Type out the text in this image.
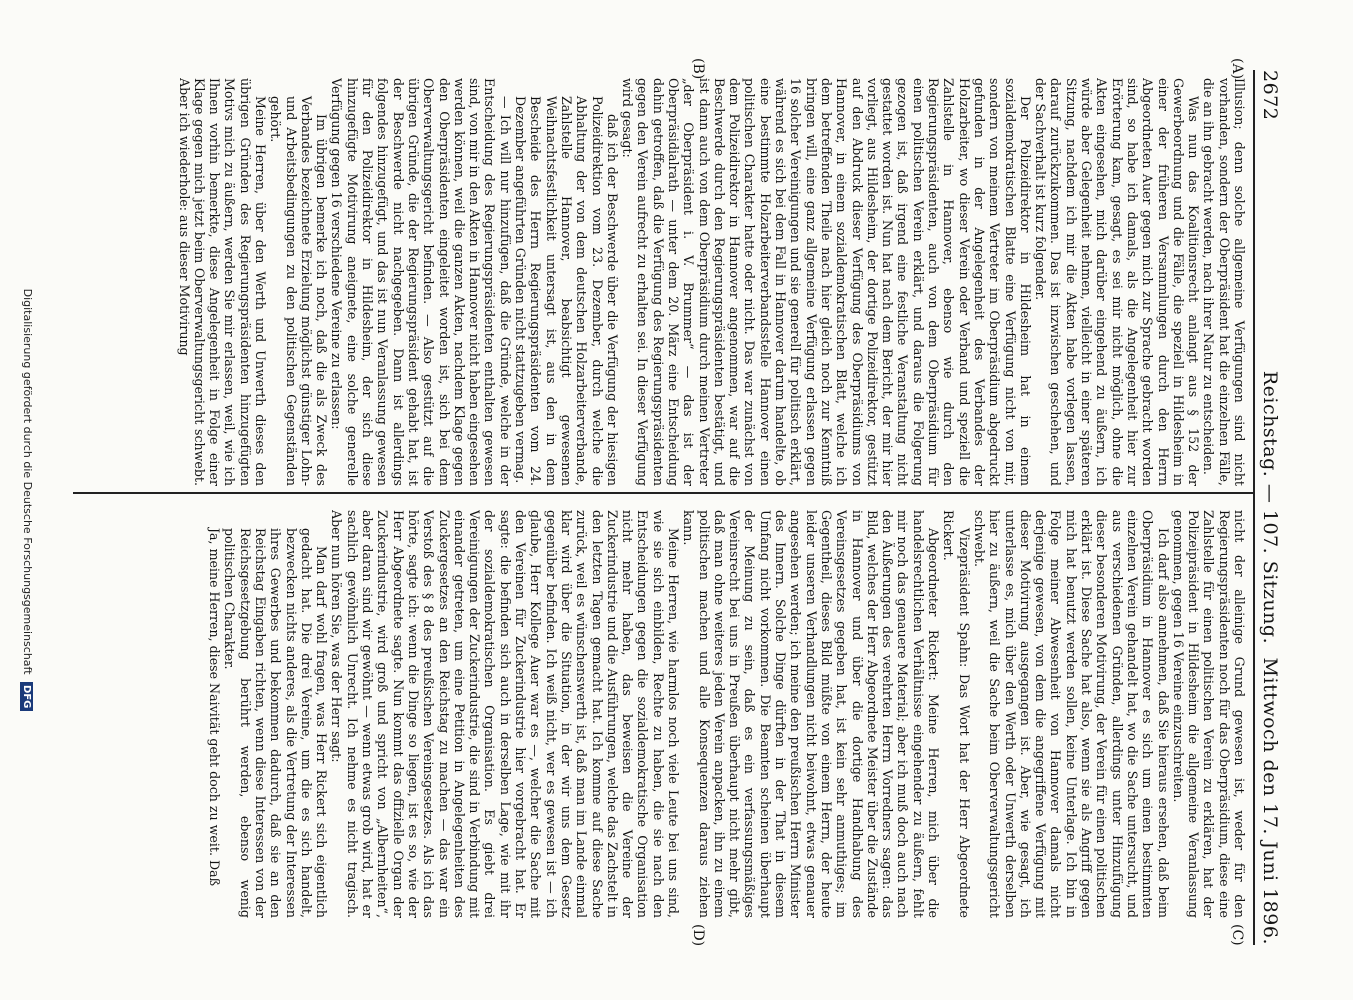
2672
Reichstag. — 107. Sitzung.
Mittwoch den 17. Juni 1896.
(A)
(B)
(C)
(D)

Illusion; denn solche allgemeine Verfügungen sind nicht vorhanden, sondern der Oberpräsident hat die einzelnen Fälle, die an ihn gebracht werden, nach ihrer Natur zu entscheiden.

Was nun das Koalitionsrecht anlangt aus § 152 der Gewerbeordnung und die Fälle, die speziell in Hildesheim in einer der früheren Versammlungen durch den Herrn Abgeordneten Auer gegen mich zur Sprache gebracht worden sind, so habe ich damals, als die Angelegenheit hier zur Erörterung kam, gesagt, es sei mir nicht möglich, ohne die Akten eingesehen, mich darüber eingehend zu äußern, ich würde aber Gelegenheit nehmen, vielleicht in einer späteren Sitzung, nachdem ich mir die Akten habe vorlegen lassen, darauf zurückzukommen. Das ist inzwischen geschehen, und der Sachverhalt ist kurz folgender.

Der Polizeidirektor in Hildesheim hat in einem sozialdemokratischen Blatte eine Verfügung nicht von mir, sondern von meinem Vertreter im Oberpräsidium abgedruckt gefunden in der Angelegenheit des Verbandes der Holzarbeiter, wo dieser Verein oder Verband und speziell die Zahlstelle in Hannover, ebenso wie durch den Regierungspräsidenten, auch von dem Oberpräsidium für einen politischen Verein erklärt, und daraus die Folgerung gezogen ist, daß irgend eine festliche Veranstaltung nicht gestattet worden ist. Nun hat nach dem Bericht, der mir hier vorliegt, aus Hildesheim, der dortige Polizeidirektor, gestützt auf den Abdruck dieser Verfügung des Oberpräsidiums von Hannover, in einem sozialdemokratischen Blatt, welche ich dem betreffenden Theile nach hier gleich noch zur Kenntniß bringen will, eine ganz allgemeine Verfügung erlassen gegen 16 solcher Vereinigungen und sie generell für politisch erklärt, während es sich bei dem Fall in Hannover darum handelte, ob eine bestimmte Holzarbeiterverbandsstelle Hannover einen politischen Charakter hatte oder nicht. Das war zunächst von dem Polizeidirektor in Hannover angenommen, war auf die Beschwerde durch den Regierungspräsidenten bestätigt, und ist dann auch von dem Oberpräsidium durch meinen Vertreter „der Oberpräsident i. V. Brummer“ — das ist der Oberpräsidialrath — unter dem 20. März eine Entscheidung dahin getroffen, daß die Verfügung des Regierungspräsidenten gegen den Verein aufrecht zu erhalten sei. In dieser Verfügung wird gesagt:

daß ich der Beschwerde über die Verfügung der hiesigen Polizeidirektion vom 23. Dezember, durch welche die Abhaltung der von dem deutschen Holzarbeiterverbande, Zahlstelle Hannover, beabsichtigt gewesenen Weihnachtsfestlichkeit untersagt ist, aus den in dem Bescheide des Herrn Regierungspräsidenten vom 24. Dezember angeführten Gründen nicht stattzugeben vermag.

— Ich will nur hinzufügen, daß die Gründe, welche in der Entscheidung des Regierungspräsidenten enthalten gewesen sind, von mir in den Akten in Hannover nicht haben eingesehen werden können, weil die ganzen Akten, nachdem Klage gegen den Oberpräsidenten eingeleitet worden ist, sich bei dem Oberverwaltungsgericht befinden. — Also gestützt auf die übrigen Gründe, die der Regierungspräsident gehabt hat, ist der Beschwerde nicht nachgegeben. Dann ist allerdings folgendes hinzugefügt, und das ist nun Veranlassung gewesen für den Polizeidirektor in Hildesheim, der sich diese hinzugefügte Motivirung aneignete, eine solche generelle Verfügung gegen 16 verschiedene Vereine zu erlassen:

Im übrigen bemerke ich noch, daß die als Zweck des Verbandes bezeichnete Erzielung möglichst günstiger Lohn- und Arbeitsbedingungen zu den politischen Gegenständen gehört.

Meine Herren, über den Werth und Unwerth dieses den übrigen Gründen des Regierungspräsidenten hinzugefügten Motivs mich zu äußern, werden Sie mir erlassen, weil, wie ich Ihnen vorhin bemerkte, diese Angelegenheit in Folge einer Klage gegen mich jetzt beim Oberverwaltungsgericht schwebt. Aber ich wiederhole: aus dieser Motivirung

nicht der alleinige Grund gewesen ist, weder für den Regierungspräsidenten noch für das Oberpräsidium, diese eine Zahlstelle für einen politischen Verein zu erklären, hat der Polizeipräsident in Hildesheim die allgemeine Veranlassung genommen, gegen 16 Vereine einzuschreiten.

Ich darf also annehmen, daß Sie hieraus ersehen, daß beim Oberpräsidium in Hannover es sich um einen bestimmten einzelnen Verein gehandelt hat, wo die Sache untersucht, und aus verschiedenen Gründen, allerdings unter Hinzufügung dieser besonderen Motivirung, der Verein für einen politischen erklärt ist. Diese Sache hat also, wenn sie als Angriff gegen mich hat benutzt werden sollen, keine Unterlage. Ich bin in Folge meiner Abwesenheit von Hannover damals nicht derjenige gewesen, von dem die angegriffene Verfügung mit dieser Motivirung ausgegangen ist. Aber, wie gesagt, ich unterlasse es, mich über den Werth oder Unwerth derselben hier zu äußern, weil die Sache beim Oberverwaltungsgericht schwebt.

Vizepräsident Spahn: Das Wort hat der Herr Abgeordnete Rickert.

Abgeordneter Rickert: Meine Herren, mich über die handelsrechtlichen Verhältnisse eingehender zu äußern, fehlt mir noch das genauere Material; aber ich muß doch auch nach den Äußerungen des verehrten Herrn Vorredners sagen: das Bild, welches der Herr Abgeordnete Meister über die Zustände in Hannover und über die dortige Handhabung des Vereinsgesetzes gegeben hat, ist kein sehr anmuthiges; im Gegentheil, dieses Bild müßte von einem Herrn, der heute leider unseren Verhandlungen nicht beiwohnt, etwas genauer angesehen werden; ich meine den preußischen Herrn Minister des Innern. Solche Dinge dürften in der That in diesem Umfang nicht vorkommen. Die Beamten scheinen überhaupt der Meinung zu sein, daß es ein verfassungsmäßiges Vereinsrecht bei uns in Preußen überhaupt nicht mehr gibt, daß man ohne weiteres jeden Verein anpacken, ihn zu einem politischen machen und alle Konsequenzen daraus ziehen kann.

Meine Herren, wie harmlos noch viele Leute bei uns sind, wie sie sich einbilden, Rechte zu haben, die sie nach den Entscheidungen gegen die sozialdemokratische Organisation nicht mehr haben, das beweisen die Vereine der Zuckerindustrie und die Ausführungen, welche das Zachstelt in den letzten Tagen gemacht hat. Ich komme auf diese Sache zurück, weil es wünschenswerth ist, daß man im Lande einmal klar wird über die Situation, in der wir uns dem Gesetz gegenüber befinden. Ich weiß nicht, wer es gewesen ist — ich glaube, Herr Kollege Auer war es —, welcher die Sache mit den Vereinen für Zuckerindustrie hier vorgebracht hat. Er sagte: die befinden sich auch in derselben Lage, wie mit ihr der sozialdemokratischen Organisation. Es giebt drei Vereinigungen der Zuckerindustrie, die sind in Verbindung mit einander getreten, um eine Petition in Angelegenheiten des Zuckergesetzes an den Reichstag zu machen — das war ein Verstoß des § 8 des preußischen Vereinsgesetzes. Als ich das hörte, sagte ich: wenn die Dinge so liegen, ist es so, wie der Herr Abgeordnete sagte. Nun kommt das offizielle Organ der Zuckerindustrie, wird groß und spricht von „Albernheiten“, aber daran sind wir gewöhnt — wenn etwas grob wird, hat er sachlich gewöhnlich Unrecht. Ich nehme es nicht tragisch. Aber nun hören Sie, was der Herr sagt:

Man darf wohl fragen, was Herr Rickert sich eigentlich gedacht hat. Die drei Vereine, um die es sich handelt, bezwecken nichts anderes, als die Vertretung der Interessen ihres Gewerbes und bekommen dadurch, daß sie an den Reichstag Eingaben richten, wenn diese Interessen von der Reichsgesetzgebung berührt werden, ebenso wenig politischen Charakter.

Ja, meine Herren, diese Naivität geht doch zu weit. Daß

Digitalisierung gefördert durch die Deutsche Forschungsgemeinschaft DFG
